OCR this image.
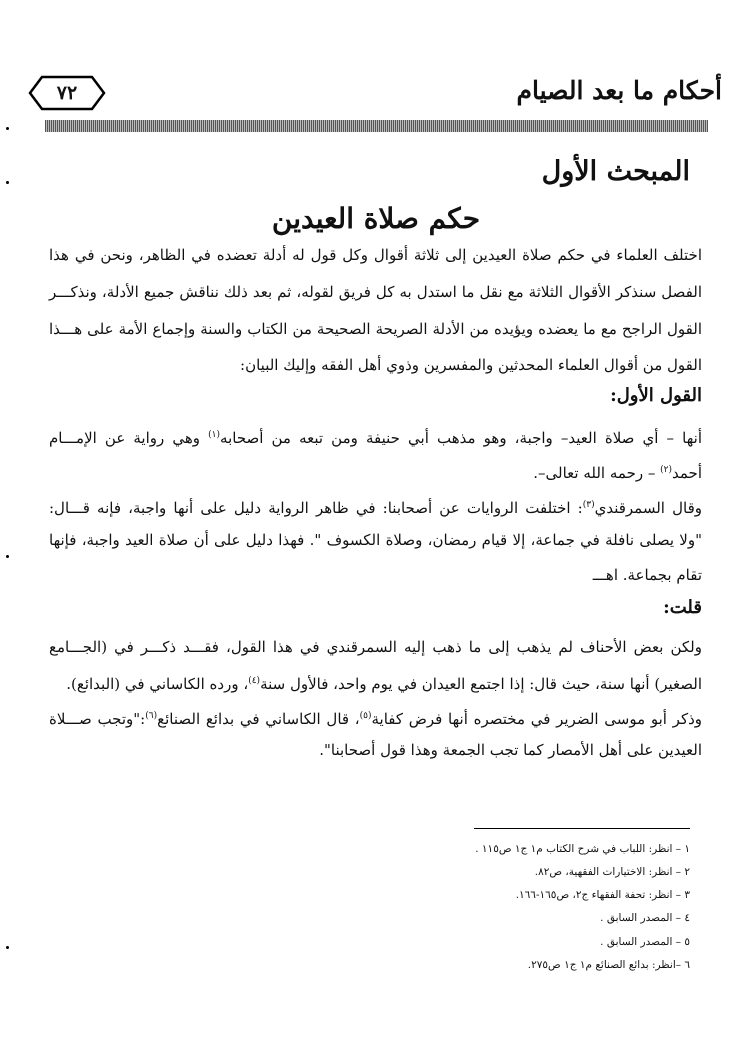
٧٢	أحكام ما بعد الصيام
المبحث الأول
حكم صلاة العيدين
اختلف العلماء في حكم صلاة العيدين إلى ثلاثة أقوال وكل قول له أدلة تعضده في الظاهر، ونحن في هذا
الفصل سنذكر الأقوال الثلاثة مع نقل ما استدل به كل فريق لقوله، ثم بعد ذلك نناقش جميع الأدلة، ونذكـــر
القول الراجح مع ما يعضده ويؤيده من الأدلة الصريحة الصحيحة من الكتاب والسنة وإجماع الأمة على هـــذا
القول من أقوال العلماء المحدثين والمفسرين وذوي أهل الفقه وإليك البيان:
القول الأول:
أنها – أي صلاة العيد– واجبة، وهو مذهب أبي حنيفة ومن تبعه من أصحابه$^{(١)}$ وهي رواية عن الإمـــام
أحمد$^{(٢)}$ – رحمه الله تعالى–.
وقال السمرقندي$^{(٣)}$: اختلفت الروايات عن أصحابنا: في ظاهر الرواية دليل على أنها واجبة، فإنه قـــال:
"ولا يصلى نافلة في جماعة، إلا قيام رمضان، وصلاة الكسوف ". فهذا دليل على أن صلاة العيد واجبة، فإنها
تقام بجماعة. اهـــ
قلت:
ولكن بعض الأحناف لم يذهب إلى ما ذهب إليه السمرقندي في هذا القول، فقـــد ذكـــر في (الجـــامع
الصغير) أنها سنة، حيث قال: إذا اجتمع العيدان في يوم واحد، فالأول سنة$^{(٤)}$، ورده الكاساني في (البدائع).
وذكر أبو موسى الضرير في مختصره أنها فرض كفاية$^{(٥)}$، قال الكاساني في بدائع الصنائع$^{(٦)}$:"وتجب صـــلاة
العيدين على أهل الأمصار كما تجب الجمعة وهذا قول أصحابنا".
١ – انظر: اللباب في شرح الكتاب م١ ج١ ص١١٥ .
٢ – انظر: الاختيارات الفقهية، ص٨٢.
٣ – انظر: تحفة الفقهاء ج٢، ص١٦٥-١٦٦.
٤ – المصدر السابق .
٥ – المصدر السابق .
٦ –انظر: بدائع الصنائع م١ ج١ ص٢٧٥.
